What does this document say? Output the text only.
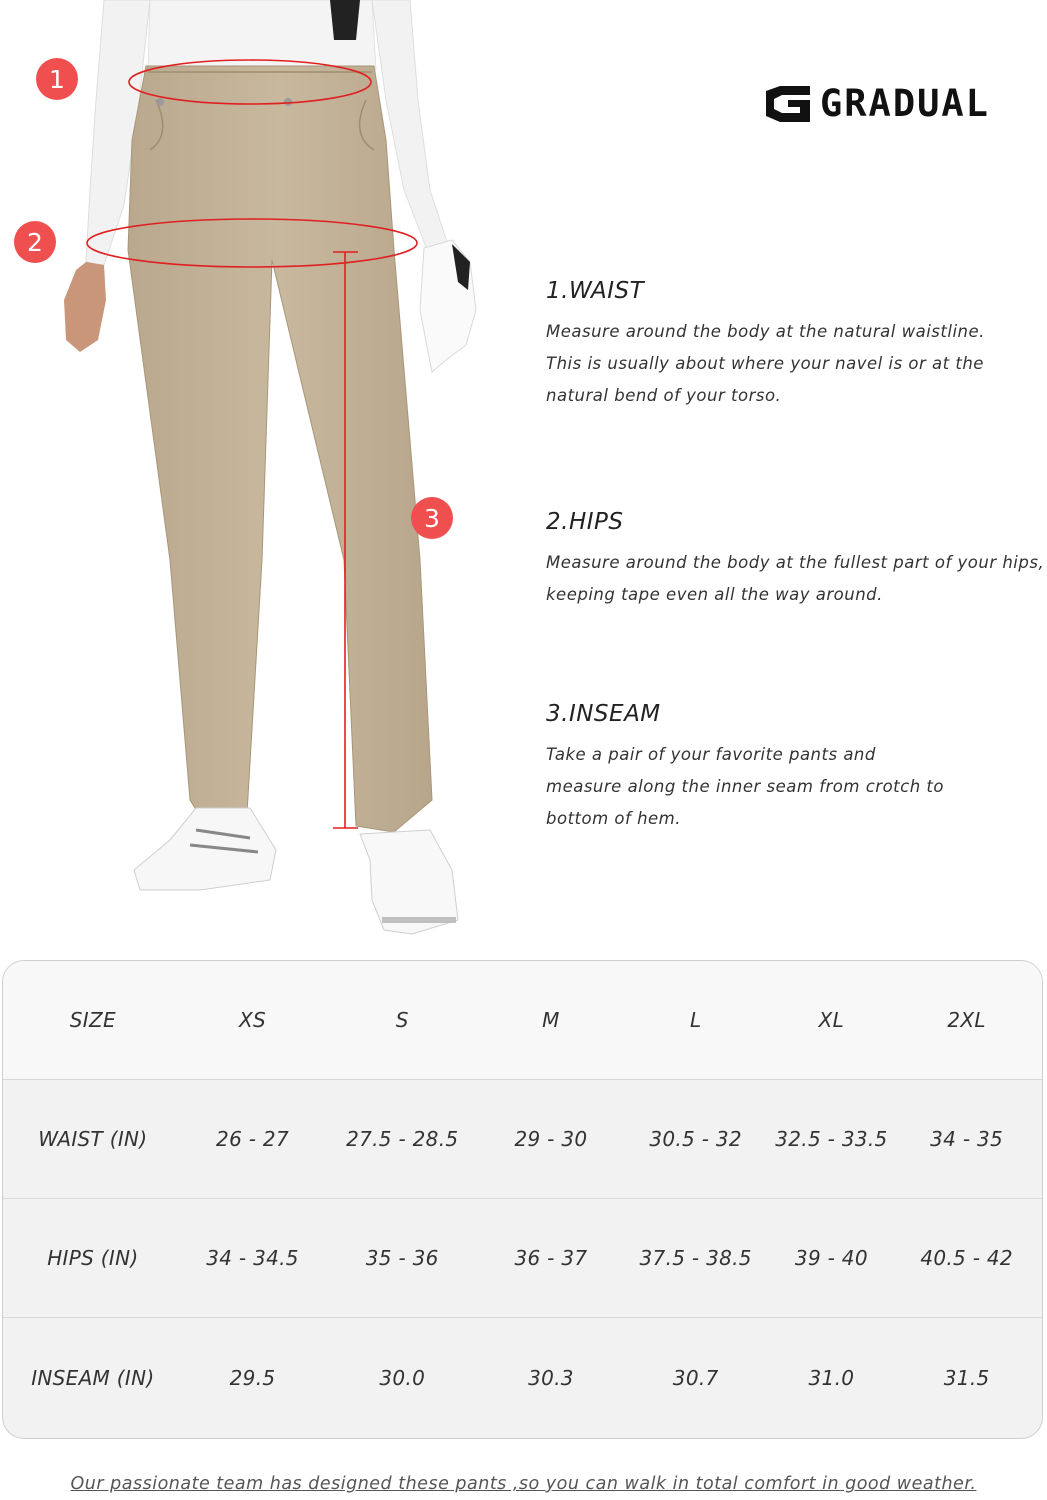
1
2
3
GRADUAL
1.WAIST

Measure around the body at the natural waistline.

This is usually about where your navel is or at the

natural bend of your torso.

2.HIPS

Measure around the body at the fullest part of your hips,

keeping tape even all the way around.

3.INSEAM

Take a pair of your favorite pants and

measure along the inner seam from crotch to

bottom of hem.

SIZE	XS	S	M	L	XL	2XL
WAIST (IN)	26 - 27	27.5 - 28.5	29 - 30	30.5 - 32	32.5 - 33.5	34 - 35
HIPS (IN)	34 - 34.5	35 - 36	36 - 37	37.5 - 38.5	39 - 40	40.5 - 42
INSEAM (IN)	29.5	30.0	30.3	30.7	31.0	31.5
Our passionate team has designed these pants ,so you can walk in total comfort in good weather.
